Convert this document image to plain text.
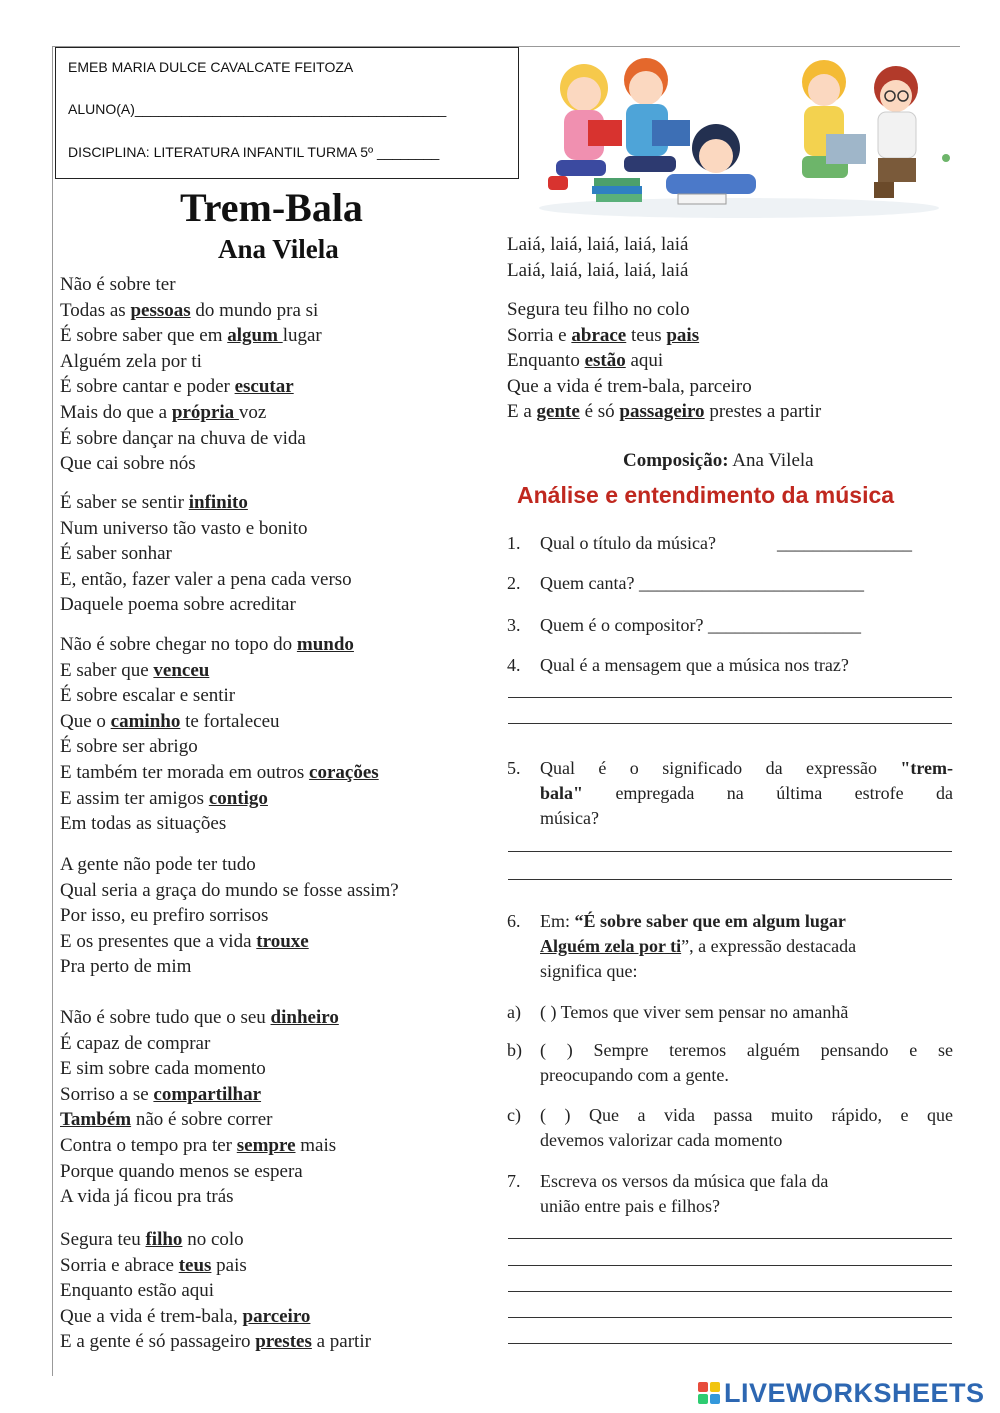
EMEB MARIA DULCE CAVALCATE FEITOZA
ALUNO(A)________________________________________
DISCIPLINA: LITERATURA INFANTIL TURMA 5º ________
Trem-Bala
Ana Vilela
Não é sobre ter
Todas as pessoas do mundo pra si
É sobre saber que em algum lugar
Alguém zela por ti
É sobre cantar e poder escutar
Mais do que a própria voz
É sobre dançar na chuva de vida
Que cai sobre nós
É saber se sentir infinito
Num universo tão vasto e bonito
É saber sonhar
E, então, fazer valer a pena cada verso
Daquele poema sobre acreditar
Não é sobre chegar no topo do mundo
E saber que venceu
É sobre escalar e sentir
Que o caminho te fortaleceu
É sobre ser abrigo
E também ter morada em outros corações
E assim ter amigos contigo
Em todas as situações
A gente não pode ter tudo
Qual seria a graça do mundo se fosse assim?
Por isso, eu prefiro sorrisos
E os presentes que a vida trouxe
Pra perto de mim
Não é sobre tudo que o seu dinheiro
É capaz de comprar
E sim sobre cada momento
Sorriso a se compartilhar
Também não é sobre correr
Contra o tempo pra ter sempre mais
Porque quando menos se espera
A vida já ficou pra trás
Segura teu filho no colo
Sorria e abrace teus pais
Enquanto estão aqui
Que a vida é trem-bala, parceiro
E a gente é só passageiro prestes a partir
Laiá, laiá, laiá, laiá, laiá
Laiá, laiá, laiá, laiá, laiá
Segura teu filho no colo
Sorria e abrace teus pais
Enquanto estão aqui
Que a vida é trem-bala, parceiro
E a gente é só passageiro prestes a partir
Composição: Ana Vilela
Análise e entendimento da música
1. Qual o título da música?	_______________
2. Quem canta? _________________________
3. Quem é o compositor? _________________
4. Qual é a mensagem que a música nos traz?
5. Qual é o significado da expressão "trem-
bala" empregada na última estrofe da
música?
6. Em: “É sobre saber que em algum lugar
Alguém zela por ti”, a expressão destacada
significa que:
a) ( ) Temos que viver sem pensar no amanhã
b) ( ) Sempre teremos alguém pensando e se
preocupando com a gente.
c) ( ) Que a vida passa muito rápido, e que
devemos valorizar cada momento
7. Escreva os versos da música que fala da
união entre pais e filhos?
LIVEWORKSHEETS
